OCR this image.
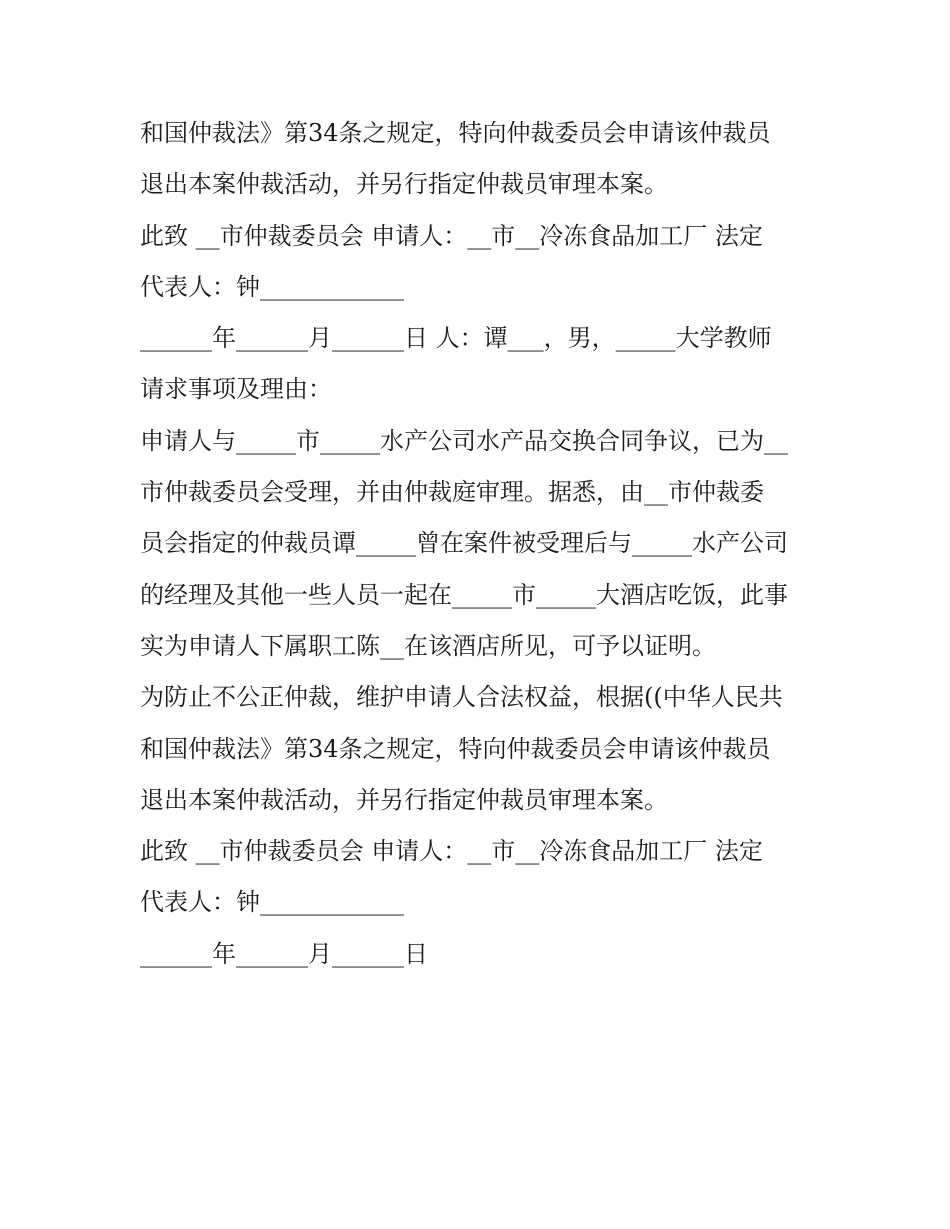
和国仲裁法》第34条之规定，特向仲裁委员会申请该仲裁员
退出本案仲裁活动，并另行指定仲裁员审理本案。
此致 __市仲裁委员会 申请人：__市__冷冻食品加工厂 法定
代表人：钟____________
______年______月______日 人：谭___，男，_____大学教师
请求事项及理由：
申请人与_____市_____水产公司水产品交换合同争议，已为__
市仲裁委员会受理，并由仲裁庭审理。据悉，由__市仲裁委
员会指定的仲裁员谭_____曾在案件被受理后与_____水产公司
的经理及其他一些人员一起在_____市_____大酒店吃饭，此事
实为申请人下属职工陈__在该酒店所见，可予以证明。
为防止不公正仲裁，维护申请人合法权益，根据((中华人民共
和国仲裁法》第34条之规定，特向仲裁委员会申请该仲裁员
退出本案仲裁活动，并另行指定仲裁员审理本案。
此致 __市仲裁委员会 申请人：__市__冷冻食品加工厂 法定
代表人：钟____________
______年______月______日
